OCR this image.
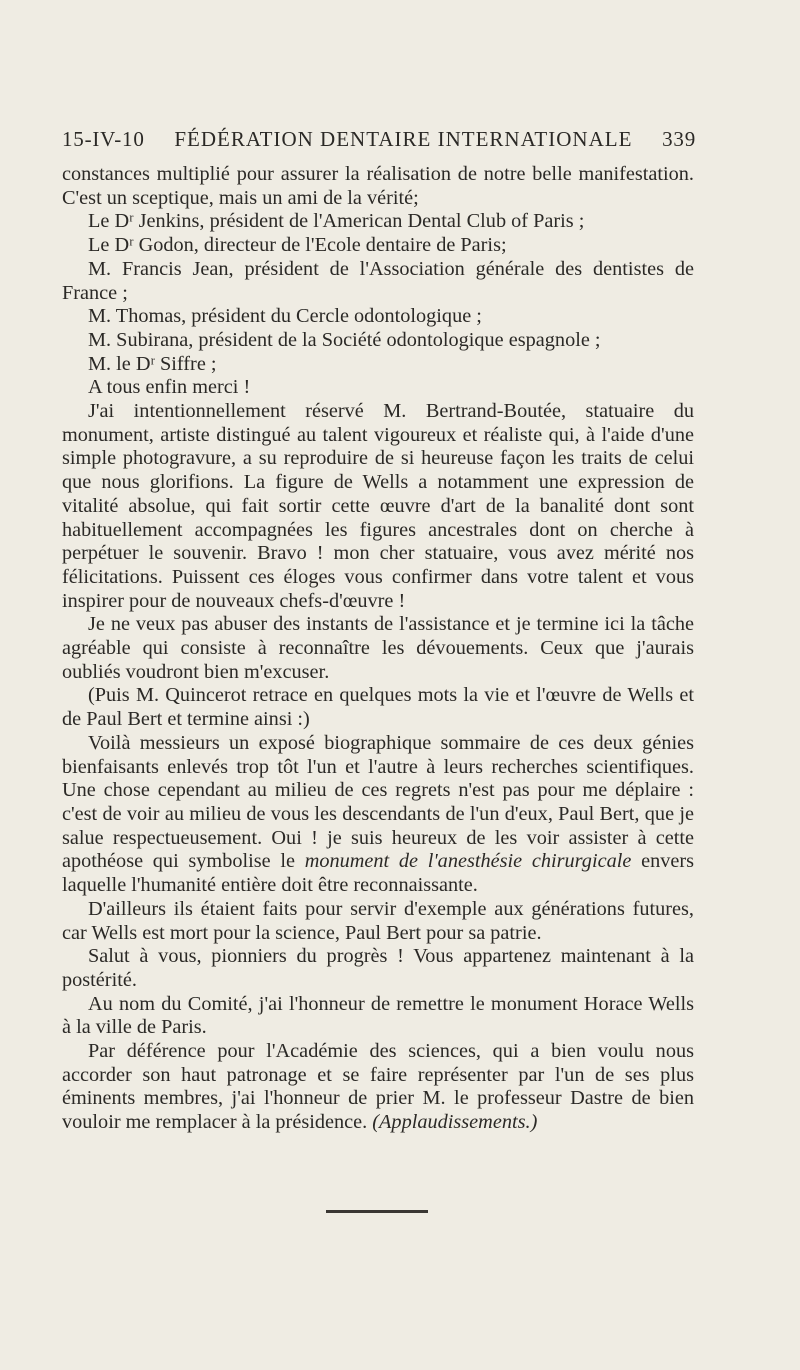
15-IV-10 FÉDÉRATION DENTAIRE INTERNATIONALE 339

constances multiplié pour assurer la réalisation de notre belle manifestation. C'est un sceptique, mais un ami de la vérité;

Le Dʳ Jenkins, président de l'American Dental Club of Paris ;

Le Dʳ Godon, directeur de l'Ecole dentaire de Paris;

M. Francis Jean, président de l'Association générale des dentistes de France ;

M. Thomas, président du Cercle odontologique ;

M. Subirana, président de la Société odontologique espagnole ;

M. le Dʳ Siffre ;

A tous enfin merci !

J'ai intentionnellement réservé M. Bertrand-Boutée, statuaire du monument, artiste distingué au talent vigoureux et réaliste qui, à l'aide d'une simple photogravure, a su reproduire de si heureuse façon les traits de celui que nous glorifions. La figure de Wells a notamment une expression de vitalité absolue, qui fait sortir cette œuvre d'art de la banalité dont sont habituellement accompagnées les figures ancestrales dont on cherche à perpétuer le souvenir. Bravo ! mon cher statuaire, vous avez mérité nos félicitations. Puissent ces éloges vous confirmer dans votre talent et vous inspirer pour de nouveaux chefs-d'œuvre !

Je ne veux pas abuser des instants de l'assistance et je termine ici la tâche agréable qui consiste à reconnaître les dévouements. Ceux que j'aurais oubliés voudront bien m'excuser.

(Puis M. Quincerot retrace en quelques mots la vie et l'œuvre de Wells et de Paul Bert et termine ainsi :)

Voilà messieurs un exposé biographique sommaire de ces deux génies bienfaisants enlevés trop tôt l'un et l'autre à leurs recherches scientifiques. Une chose cependant au milieu de ces regrets n'est pas pour me déplaire : c'est de voir au milieu de vous les descendants de l'un d'eux, Paul Bert, que je salue respectueusement. Oui ! je suis heureux de les voir assister à cette apothéose qui symbolise le monument de l'anesthésie chirurgicale envers laquelle l'humanité entière doit être reconnaissante.

D'ailleurs ils étaient faits pour servir d'exemple aux générations futures, car Wells est mort pour la science, Paul Bert pour sa patrie.

Salut à vous, pionniers du progrès ! Vous appartenez maintenant à la postérité.

Au nom du Comité, j'ai l'honneur de remettre le monument Horace Wells à la ville de Paris.

Par déférence pour l'Académie des sciences, qui a bien voulu nous accorder son haut patronage et se faire représenter par l'un de ses plus éminents membres, j'ai l'honneur de prier M. le professeur Dastre de bien vouloir me remplacer à la présidence. (Applaudissements.)
